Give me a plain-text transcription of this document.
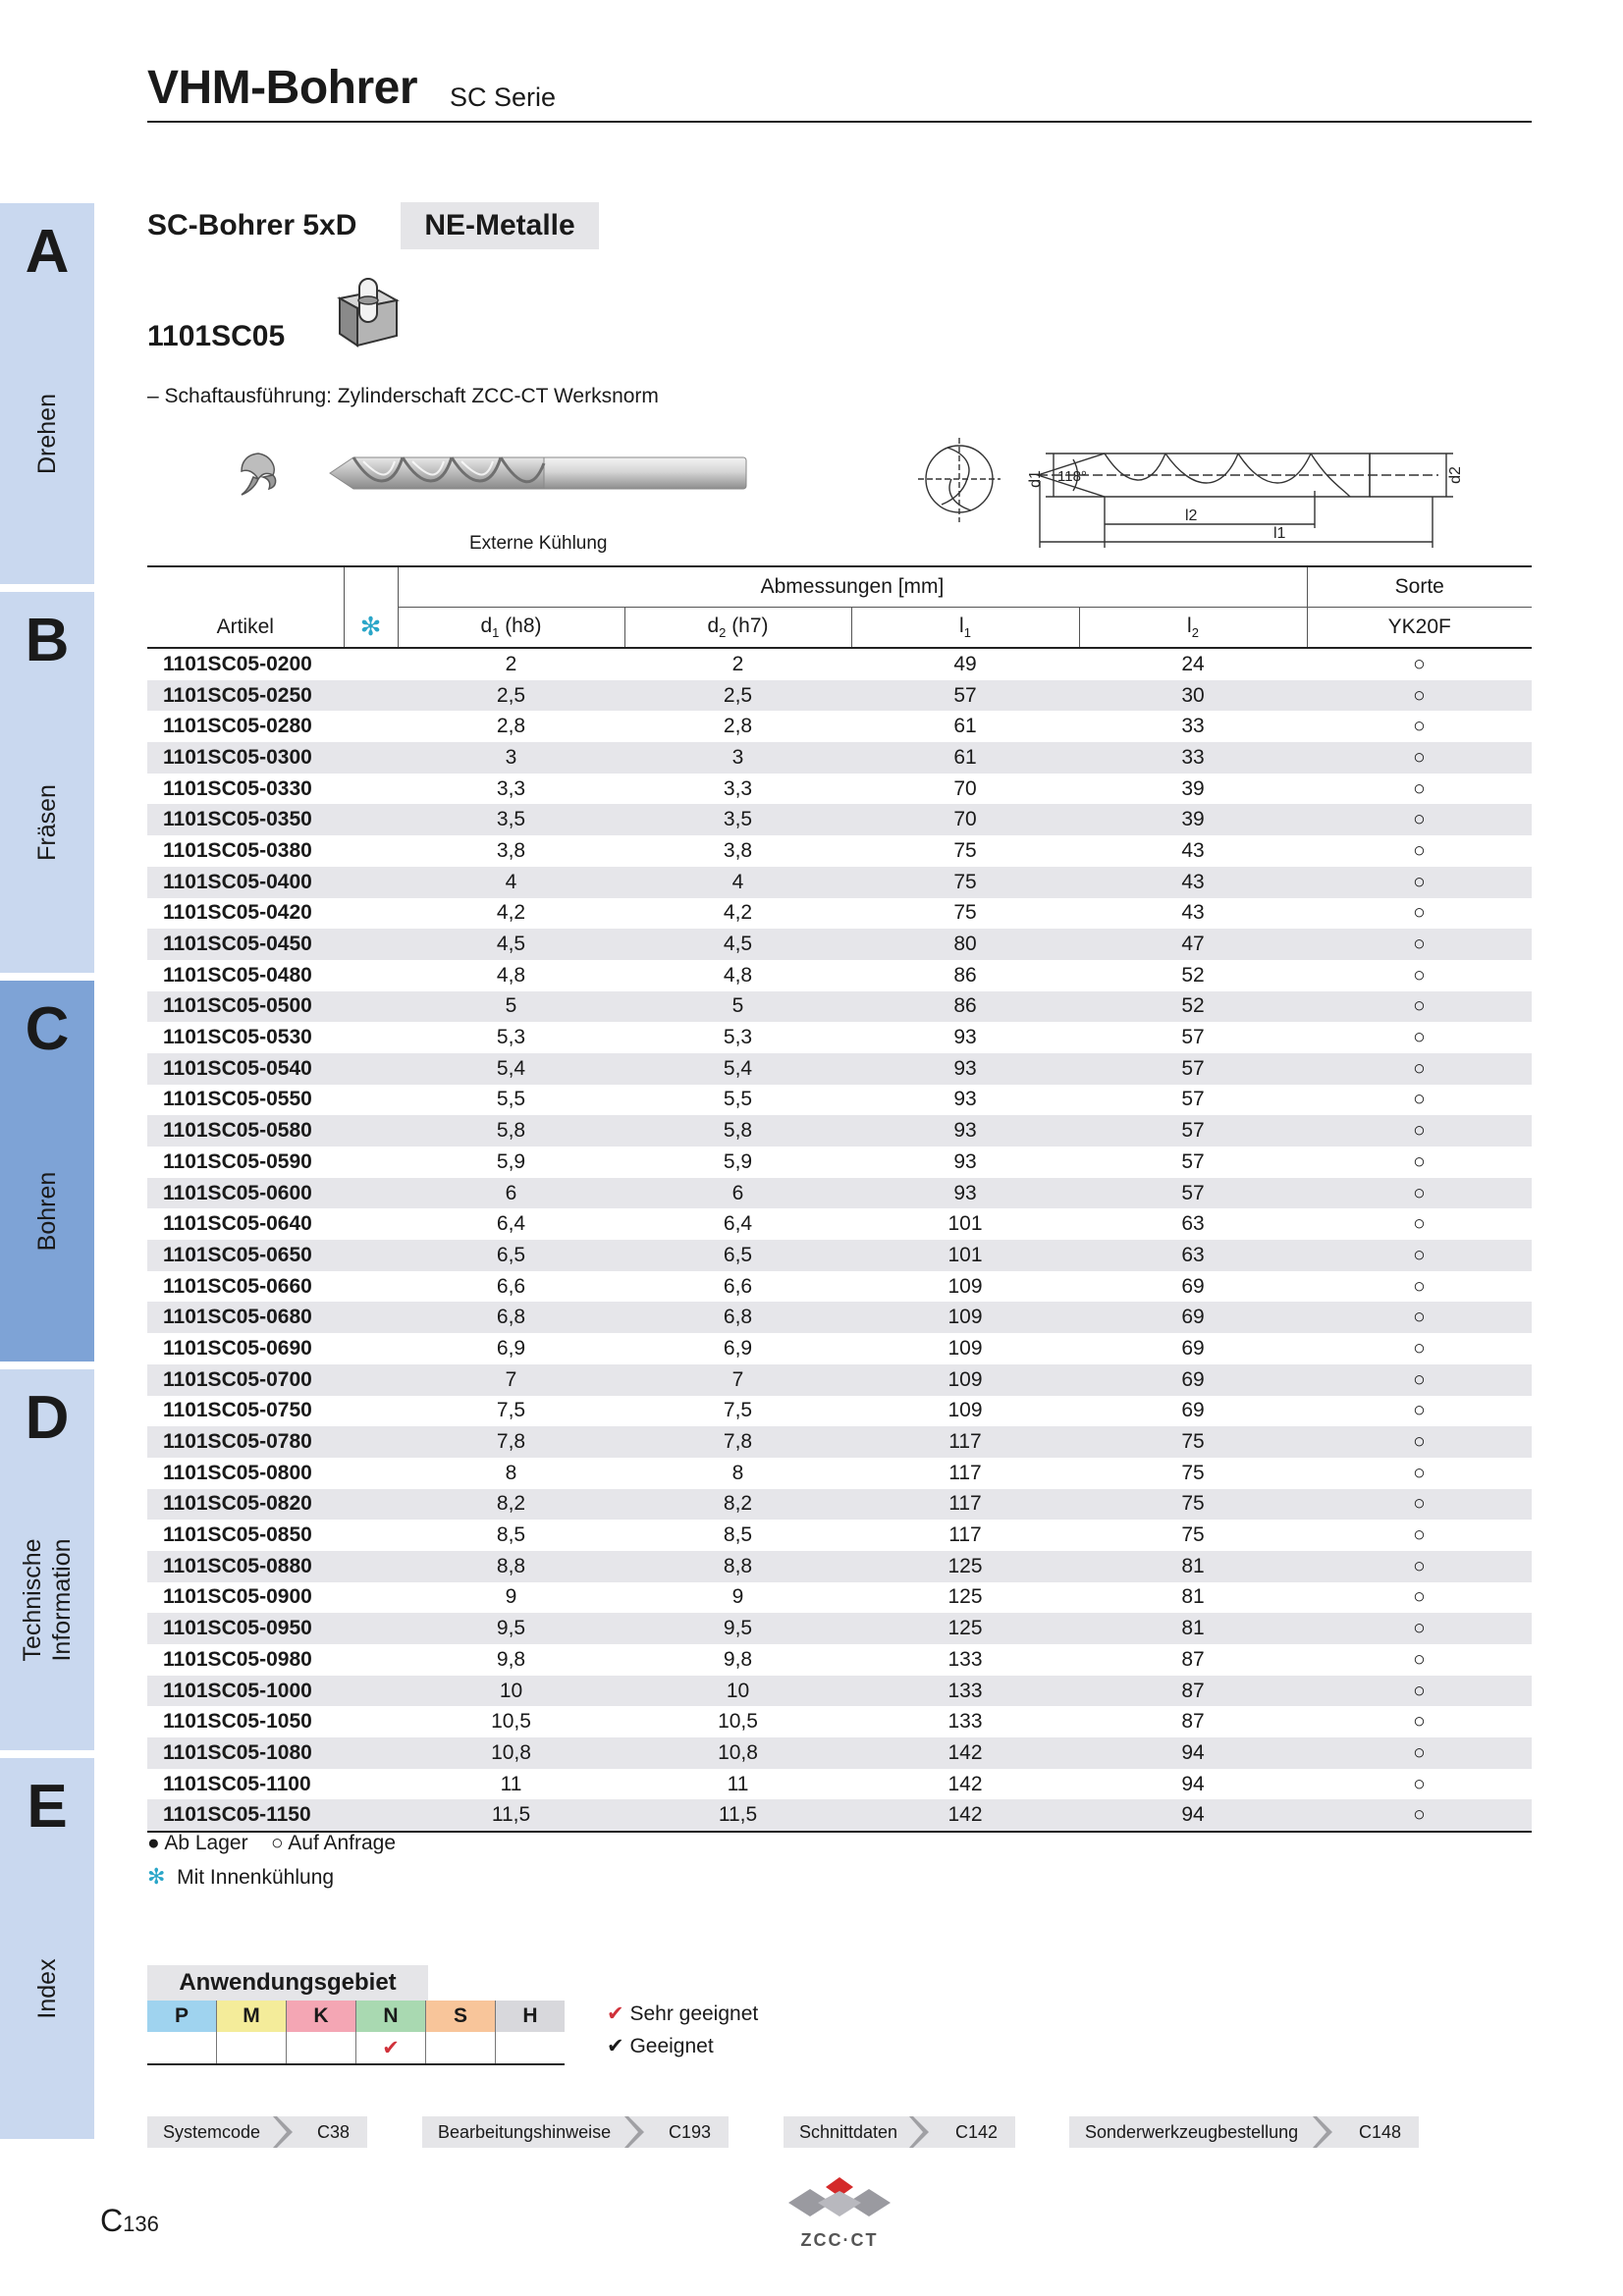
VHM-Bohrer SC Serie
A
Drehen
B
Fräsen
C
Bohren
D
Technische Information
E
Index
SC-Bohrer 5xD	NE-Metalle
1101SC05
– Schaftausführung: Zylinderschaft ZCC-CT Werksnorm
Externe Kühlung
d1 118°	d2
l2
l1
		Abmessungen [mm]				Sorte
Artikel	✻	$d_1$ (h8)	$d_2$ (h7)	$l_1$	$l_2$	YK20F
1101SC05-0200		2	2	49	24	○
1101SC05-0250		2,5	2,5	57	30	○
1101SC05-0280		2,8	2,8	61	33	○
1101SC05-0300		3	3	61	33	○
1101SC05-0330		3,3	3,3	70	39	○
1101SC05-0350		3,5	3,5	70	39	○
1101SC05-0380		3,8	3,8	75	43	○
1101SC05-0400		4	4	75	43	○
1101SC05-0420		4,2	4,2	75	43	○
1101SC05-0450		4,5	4,5	80	47	○
1101SC05-0480		4,8	4,8	86	52	○
1101SC05-0500		5	5	86	52	○
1101SC05-0530		5,3	5,3	93	57	○
1101SC05-0540		5,4	5,4	93	57	○
1101SC05-0550		5,5	5,5	93	57	○
1101SC05-0580		5,8	5,8	93	57	○
1101SC05-0590		5,9	5,9	93	57	○
1101SC05-0600		6	6	93	57	○
1101SC05-0640		6,4	6,4	101	63	○
1101SC05-0650		6,5	6,5	101	63	○
1101SC05-0660		6,6	6,6	109	69	○
1101SC05-0680		6,8	6,8	109	69	○
1101SC05-0690		6,9	6,9	109	69	○
1101SC05-0700		7	7	109	69	○
1101SC05-0750		7,5	7,5	109	69	○
1101SC05-0780		7,8	7,8	117	75	○
1101SC05-0800		8	8	117	75	○
1101SC05-0820		8,2	8,2	117	75	○
1101SC05-0850		8,5	8,5	117	75	○
1101SC05-0880		8,8	8,8	125	81	○
1101SC05-0900		9	9	125	81	○
1101SC05-0950		9,5	9,5	125	81	○
1101SC05-0980		9,8	9,8	133	87	○
1101SC05-1000		10	10	133	87	○
1101SC05-1050		10,5	10,5	133	87	○
1101SC05-1080		10,8	10,8	142	94	○
1101SC05-1100		11	11	142	94	○
1101SC05-1150		11,5	11,5	142	94	○
● Ab Lager ○ Auf Anfrage
✻ Mit Innenkühlung
Anwendungsgebiet
P	M	K	N	S	H
			✔		
✔ Sehr geeignet
✔ Geeignet
Systemcode	C38	Bearbeitungshinweise	C193	Schnittdaten	C142	Sonderwerkzeugbestellung	C148
C136
ZCC·CT
